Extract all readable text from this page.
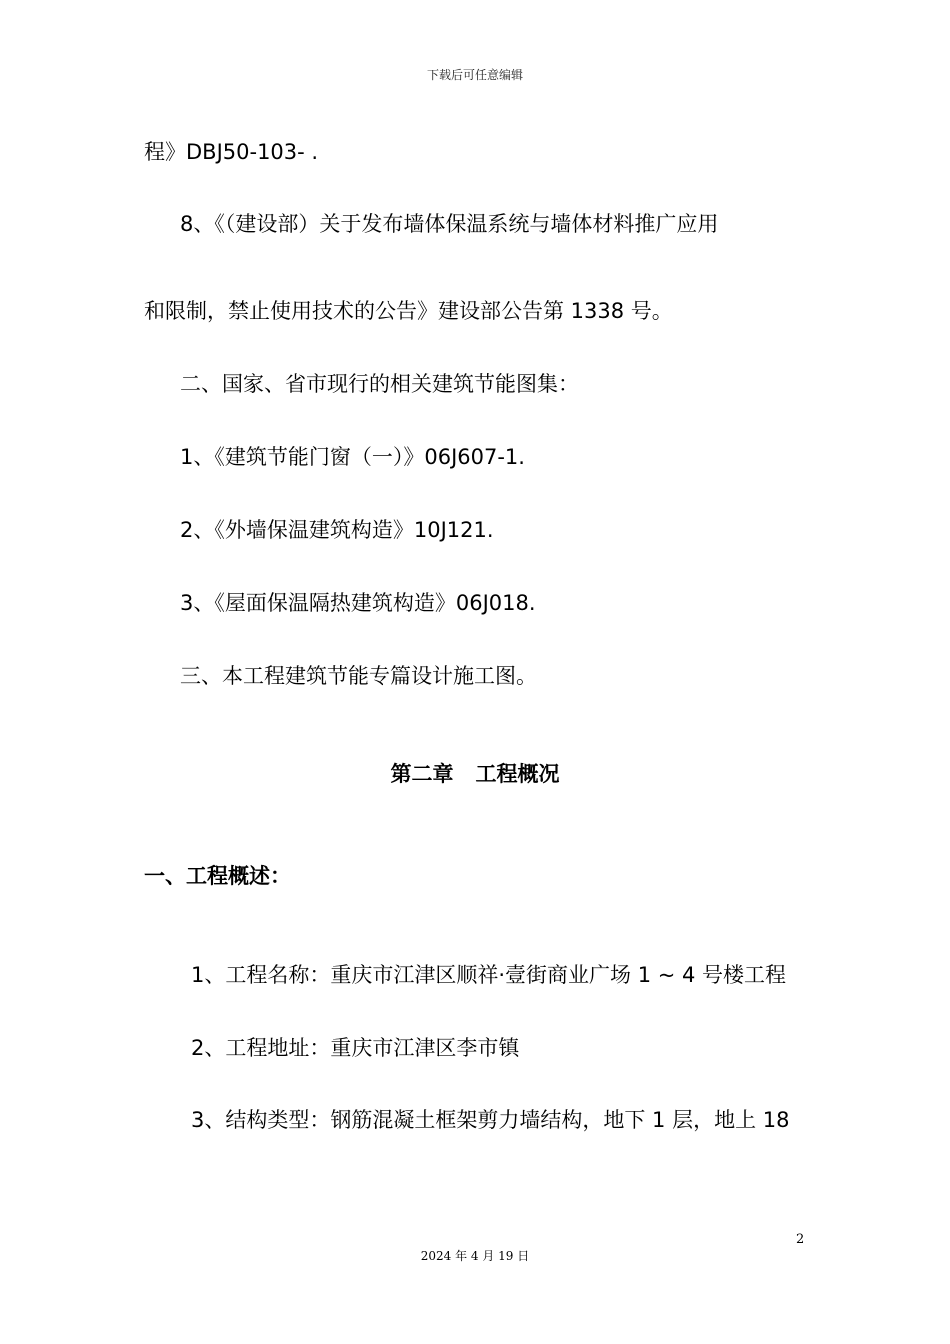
下载后可任意编辑
程》DBJ50-103- .
8、《（建设部）关于发布墙体保温系统与墙体材料推广应用
和限制，禁止使用技术的公告》建设部公告第 1338 号。
二、国家、省市现行的相关建筑节能图集：
1、《建筑节能门窗（一）》06J607-1.
2、《外墙保温建筑构造》10J121.
3、《屋面保温隔热建筑构造》06J018.
三、本工程建筑节能专篇设计施工图。
第二章   工程概况
一、工程概述：
1、工程名称：重庆市江津区顺祥·壹街商业广场 1 ~ 4 号楼工程
2、工程地址：重庆市江津区李市镇
3、结构类型：钢筋混凝土框架剪力墙结构，地下 1 层，地上 18
2
2024 年 4 月 19 日
